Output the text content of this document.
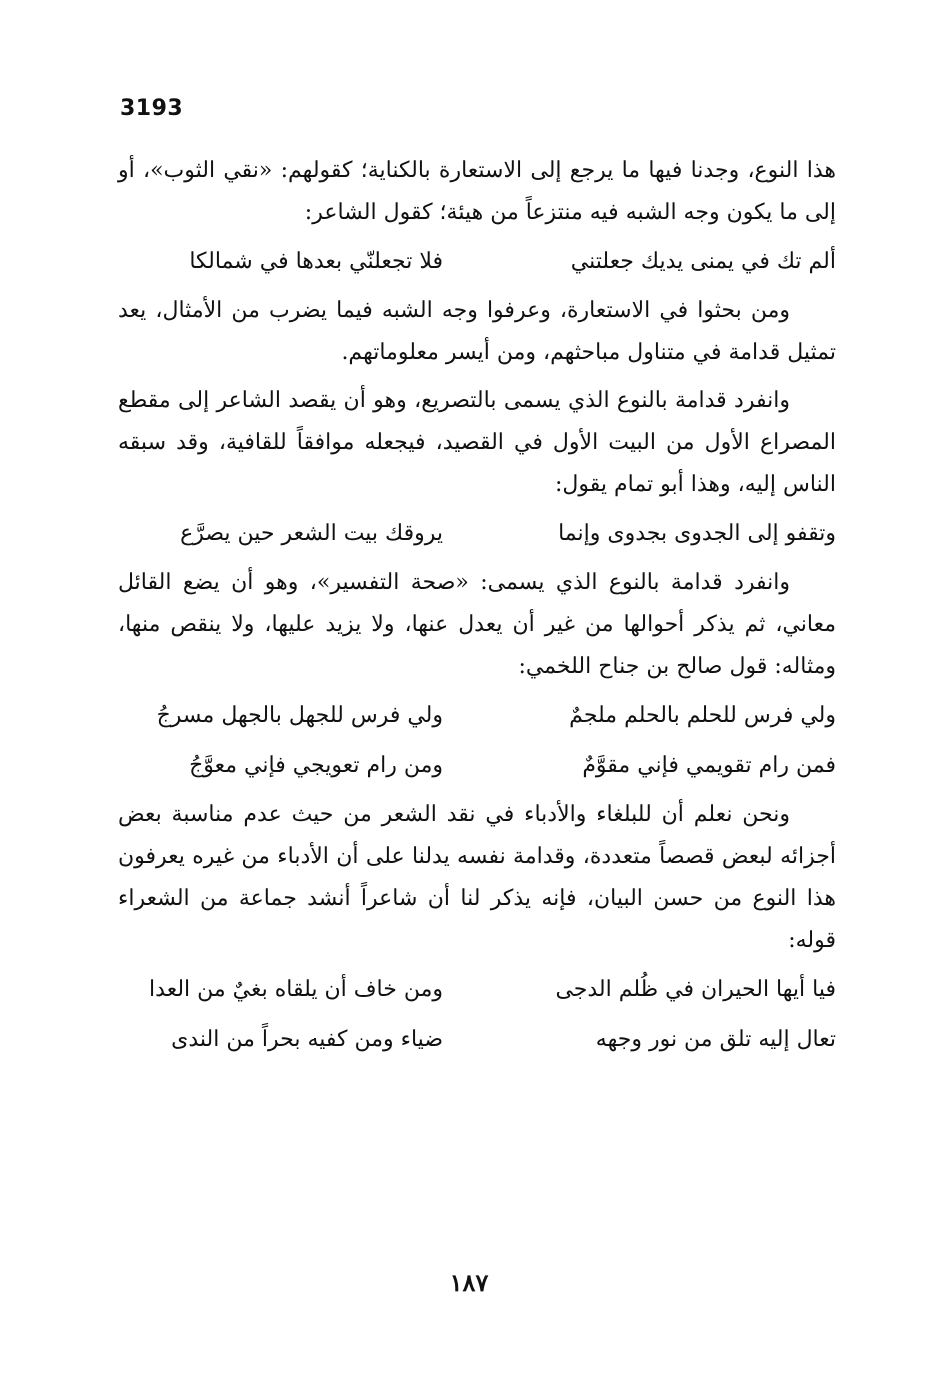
3193

هذا النوع، وجدنا فيها ما يرجع إلى الاستعارة بالكناية؛ كقولهم: «نقي الثوب»، أو إلى ما يكون وجه الشبه فيه منتزعاً من هيئة؛ كقول الشاعر:

ألم تك في يمنى يديك جعلتني
فلا تجعلنّي بعدها في شمالكا

ومن بحثوا في الاستعارة، وعرفوا وجه الشبه فيما يضرب من الأمثال، يعد تمثيل قدامة في متناول مباحثهم، ومن أيسر معلوماتهم.

وانفرد قدامة بالنوع الذي يسمى بالتصريع، وهو أن يقصد الشاعر إلى مقطع المصراع الأول من البيت الأول في القصيد، فيجعله موافقاً للقافية، وقد سبقه الناس إليه، وهذا أبو تمام يقول:

وتقفو إلى الجدوى بجدوى وإنما
يروقك بيت الشعر حين يصرَّع

وانفرد قدامة بالنوع الذي يسمى: «صحة التفسير»، وهو أن يضع القائل معاني، ثم يذكر أحوالها من غير أن يعدل عنها، ولا يزيد عليها، ولا ينقص منها، ومثاله: قول صالح بن جناح اللخمي:

ولي فرس للحلم بالحلم ملجمٌ
ولي فرس للجهل بالجهل مسرجُ
فمن رام تقويمي فإني مقوَّمٌ
ومن رام تعويجي فإني معوَّجُ

ونحن نعلم أن للبلغاء والأدباء في نقد الشعر من حيث عدم مناسبة بعض أجزائه لبعض قصصاً متعددة، وقدامة نفسه يدلنا على أن الأدباء من غيره يعرفون هذا النوع من حسن البيان، فإنه يذكر لنا أن شاعراً أنشد جماعة من الشعراء قوله:

فيا أيها الحيران في ظُلم الدجى
ومن خاف أن يلقاه بغيٌ من العدا
تعال إليه تلق من نور وجهه
ضياء ومن كفيه بحراً من الندى
١٨٧
